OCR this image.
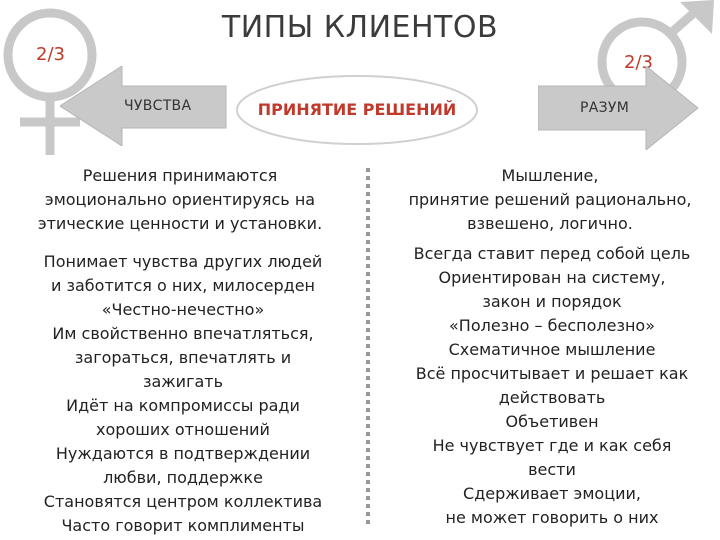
ТИПЫ КЛИЕНТОВ
2/3	2/3
ЧУВСТВА	ПРИНЯТИЕ РЕШЕНИЙ	РАЗУМ
Решения принимаются
эмоционально ориентируясь на
этические ценности и установки.
Понимает чувства других людей
и заботится о них, милосерден
«Честно-нечестно»
Им свойственно впечатляться,
загораться, впечатлять и
зажигать
Идёт на компромиссы ради
хороших отношений
Нуждаются в подтверждении
любви, поддержке
Становятся центром коллектива
Часто говорит комплименты
Мышление,
принятие решений рационально,
взвешено, логично.
Всегда ставит перед собой цель
Ориентирован на систему,
закон и порядок
«Полезно – бесполезно»
Схематичное мышление
Всё просчитывает и решает как
действовать
Объетивен
Не чувствует где и как себя
вести
Сдерживает эмоции,
не может говорить о них
